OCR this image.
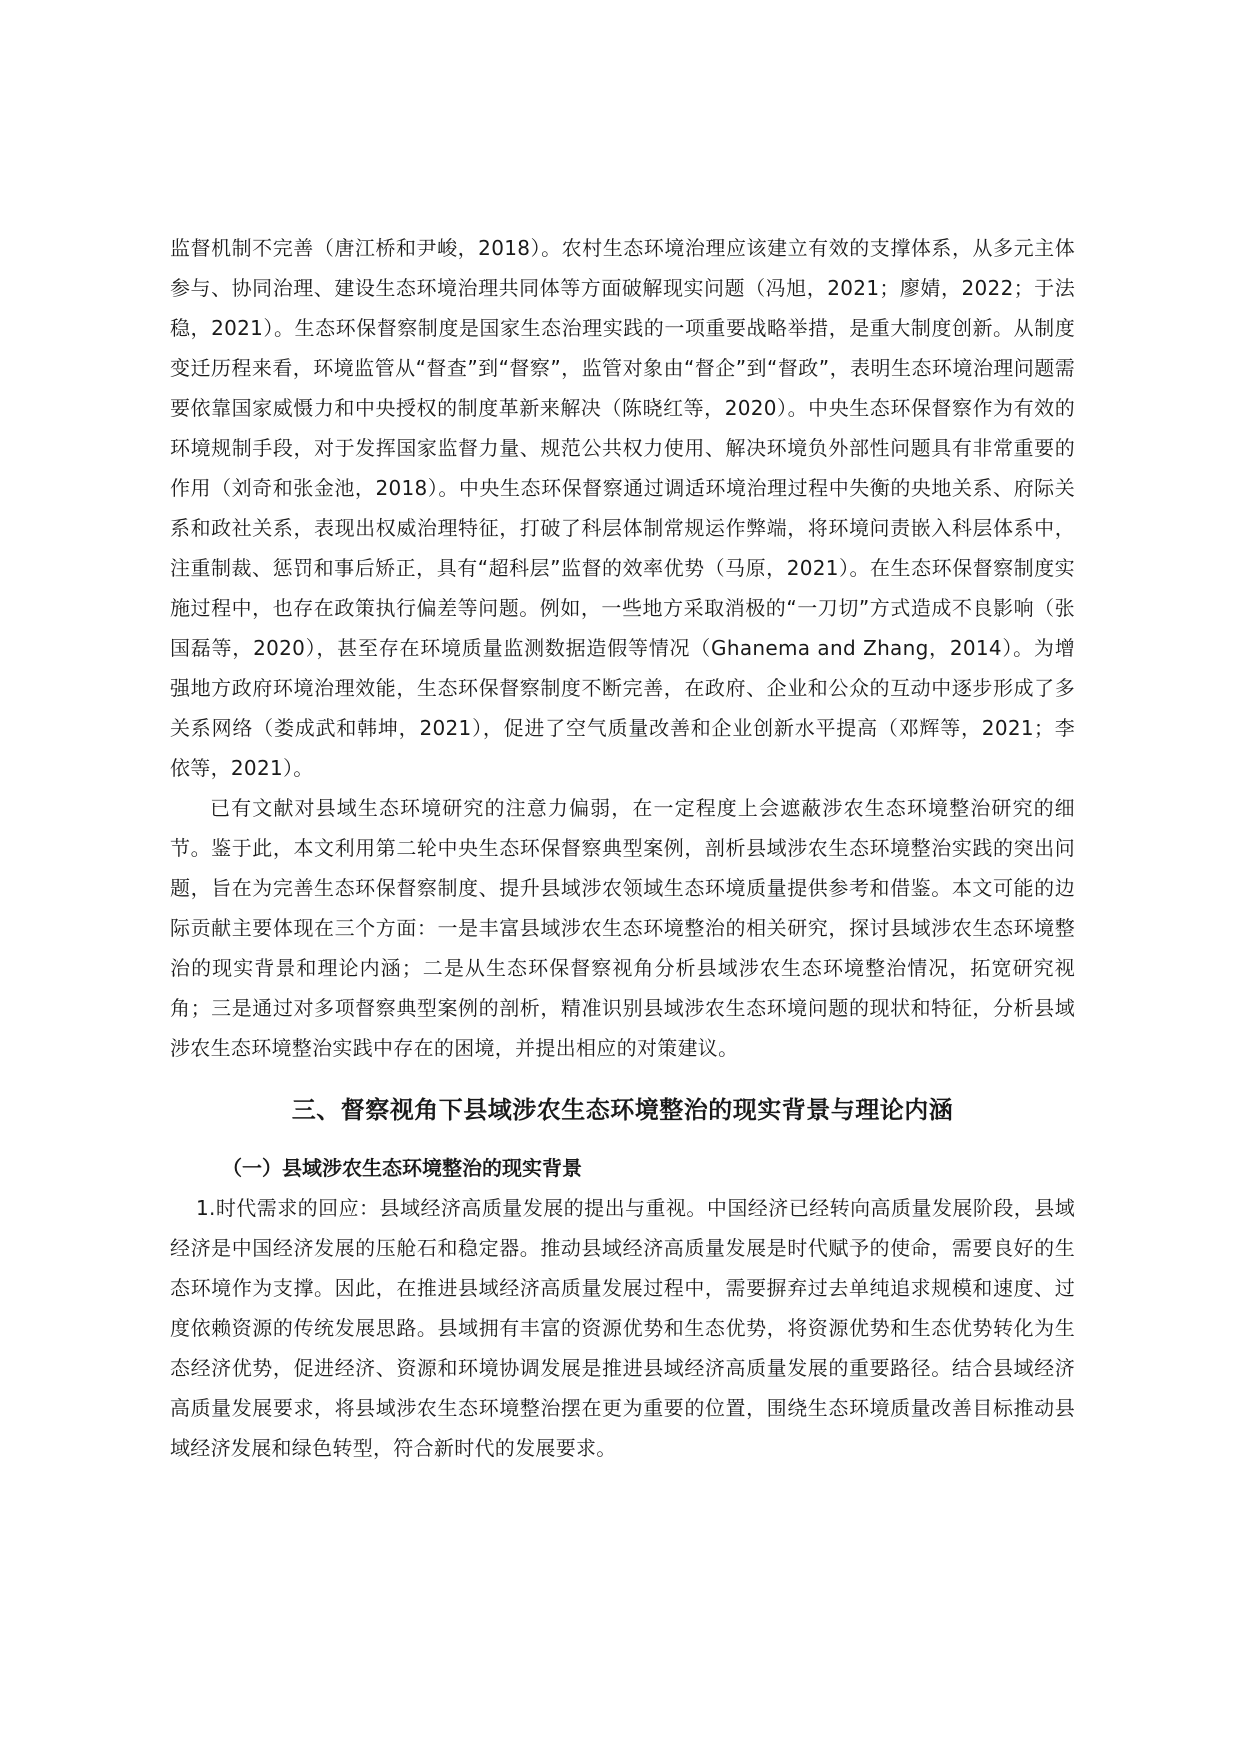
监督机制不完善（唐江桥和尹峻，2018）。农村生态环境治理应该建立有效的支撑体系，从多元主体参与、协同治理、建设生态环境治理共同体等方面破解现实问题（冯旭，2021；廖婧，2022；于法稳，2021）。生态环保督察制度是国家生态治理实践的一项重要战略举措，是重大制度创新。从制度变迁历程来看，环境监管从“督查”到“督察”，监管对象由“督企”到“督政”，表明生态环境治理问题需要依靠国家威慑力和中央授权的制度革新来解决（陈晓红等，2020）。中央生态环保督察作为有效的环境规制手段，对于发挥国家监督力量、规范公共权力使用、解决环境负外部性问题具有非常重要的作用（刘奇和张金池，2018）。中央生态环保督察通过调适环境治理过程中失衡的央地关系、府际关系和政社关系，表现出权威治理特征，打破了科层体制常规运作弊端，将环境问责嵌入科层体系中，注重制裁、惩罚和事后矫正，具有“超科层”监督的效率优势（马原，2021）。在生态环保督察制度实施过程中，也存在政策执行偏差等问题。例如，一些地方采取消极的“一刀切”方式造成不良影响（张国磊等，2020），甚至存在环境质量监测数据造假等情况（Ghanema and Zhang，2014）。为增强地方政府环境治理效能，生态环保督察制度不断完善，在政府、企业和公众的互动中逐步形成了多关系网络（娄成武和韩坤，2021），促进了空气质量改善和企业创新水平提高（邓辉等，2021；李依等，2021）。

已有文献对县域生态环境研究的注意力偏弱，在一定程度上会遮蔽涉农生态环境整治研究的细节。鉴于此，本文利用第二轮中央生态环保督察典型案例，剖析县域涉农生态环境整治实践的突出问题，旨在为完善生态环保督察制度、提升县域涉农领域生态环境质量提供参考和借鉴。本文可能的边际贡献主要体现在三个方面：一是丰富县域涉农生态环境整治的相关研究，探讨县域涉农生态环境整治的现实背景和理论内涵；二是从生态环保督察视角分析县域涉农生态环境整治情况，拓宽研究视角；三是通过对多项督察典型案例的剖析，精准识别县域涉农生态环境问题的现状和特征，分析县域涉农生态环境整治实践中存在的困境，并提出相应的对策建议。

三、督察视角下县域涉农生态环境整治的现实背景与理论内涵
（一）县域涉农生态环境整治的现实背景

1.时代需求的回应：县域经济高质量发展的提出与重视。中国经济已经转向高质量发展阶段，县域经济是中国经济发展的压舱石和稳定器。推动县域经济高质量发展是时代赋予的使命，需要良好的生态环境作为支撑。因此，在推进县域经济高质量发展过程中，需要摒弃过去单纯追求规模和速度、过度依赖资源的传统发展思路。县域拥有丰富的资源优势和生态优势，将资源优势和生态优势转化为生态经济优势，促进经济、资源和环境协调发展是推进县域经济高质量发展的重要路径。结合县域经济高质量发展要求，将县域涉农生态环境整治摆在更为重要的位置，围绕生态环境质量改善目标推动县域经济发展和绿色转型，符合新时代的发展要求。
